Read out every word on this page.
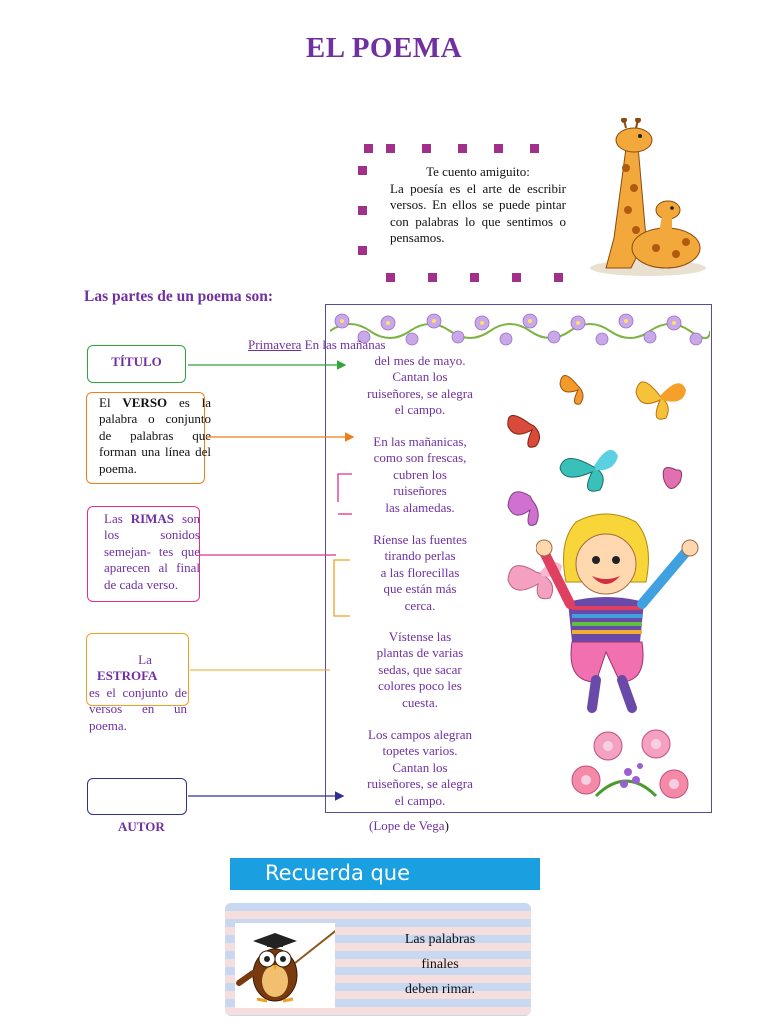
EL POEMA
Te cuento amiguito:
La poesía es el arte de escribir versos. En ellos se puede pintar con palabras lo que sentimos o pensamos.
Las partes de un poema son:
Primavera En las mañanas
del mes de mayo.
Cantan los
ruiseñores, se alegra
el campo.
En las mañanicas,
como son frescas,
cubren los
ruiseñores
las alamedas.
Ríense las fuentes
tirando perlas
a las florecillas
que están más
cerca.
Vístense las
plantas de varias
sedas, que sacar
colores poco les
cuesta.
Los campos alegran
topetes varios.
Cantan los
ruiseñores, se alegra
el campo.
(Lope de Vega)
TÍTULO
El VERSO es la palabra o conjunto de palabras que forman una línea del poema.
Las RIMAS son los sonidos semejan- tes que aparecen al final de cada verso.
La
ESTROFA
es el conjunto de versos en un poema.
AUTOR
Recuerda que
Las palabras
finales
deben rimar.
